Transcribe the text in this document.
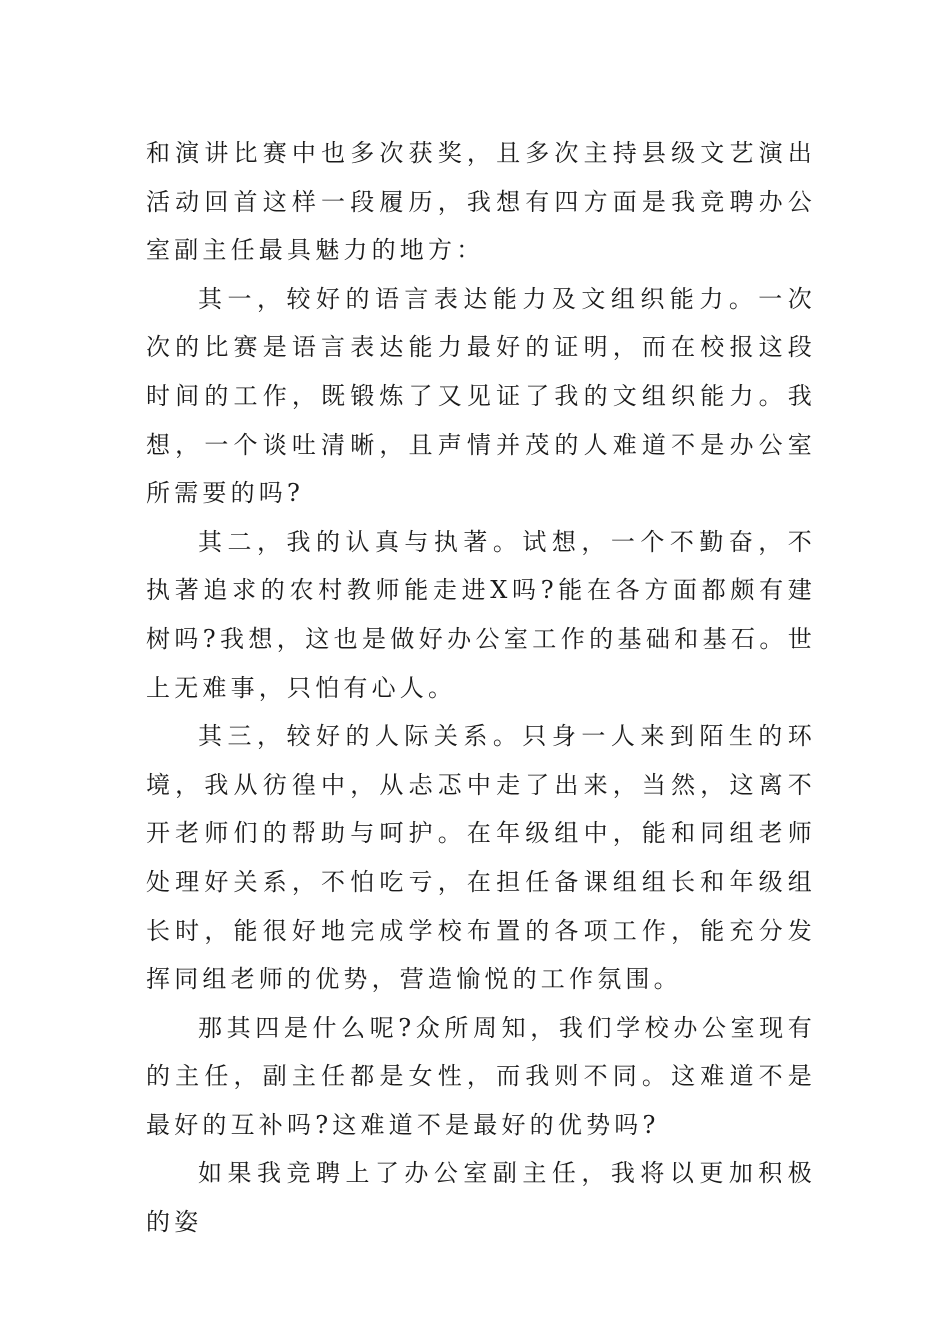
和演讲比赛中也多次获奖，且多次主持县级文艺演出活动回首这样一段履历，我想有四方面是我竞聘办公室副主任最具魅力的地方：

其一，较好的语言表达能力及文组织能力。一次次的比赛是语言表达能力最好的证明，而在校报这段时间的工作，既锻炼了又见证了我的文组织能力。我想，一个谈吐清晰，且声情并茂的人难道不是办公室所需要的吗?

其二，我的认真与执著。试想，一个不勤奋，不执著追求的农村教师能走进X吗?能在各方面都颇有建树吗?我想，这也是做好办公室工作的基础和基石。世上无难事，只怕有心人。

其三，较好的人际关系。只身一人来到陌生的环境，我从彷徨中，从忐忑中走了出来，当然，这离不开老师们的帮助与呵护。在年级组中，能和同组老师处理好关系，不怕吃亏，在担任备课组组长和年级组长时，能很好地完成学校布置的各项工作，能充分发挥同组老师的优势，营造愉悦的工作氛围。

那其四是什么呢?众所周知，我们学校办公室现有的主任，副主任都是女性，而我则不同。这难道不是最好的互补吗?这难道不是最好的优势吗?

如果我竞聘上了办公室副主任，我将以更加积极的姿
